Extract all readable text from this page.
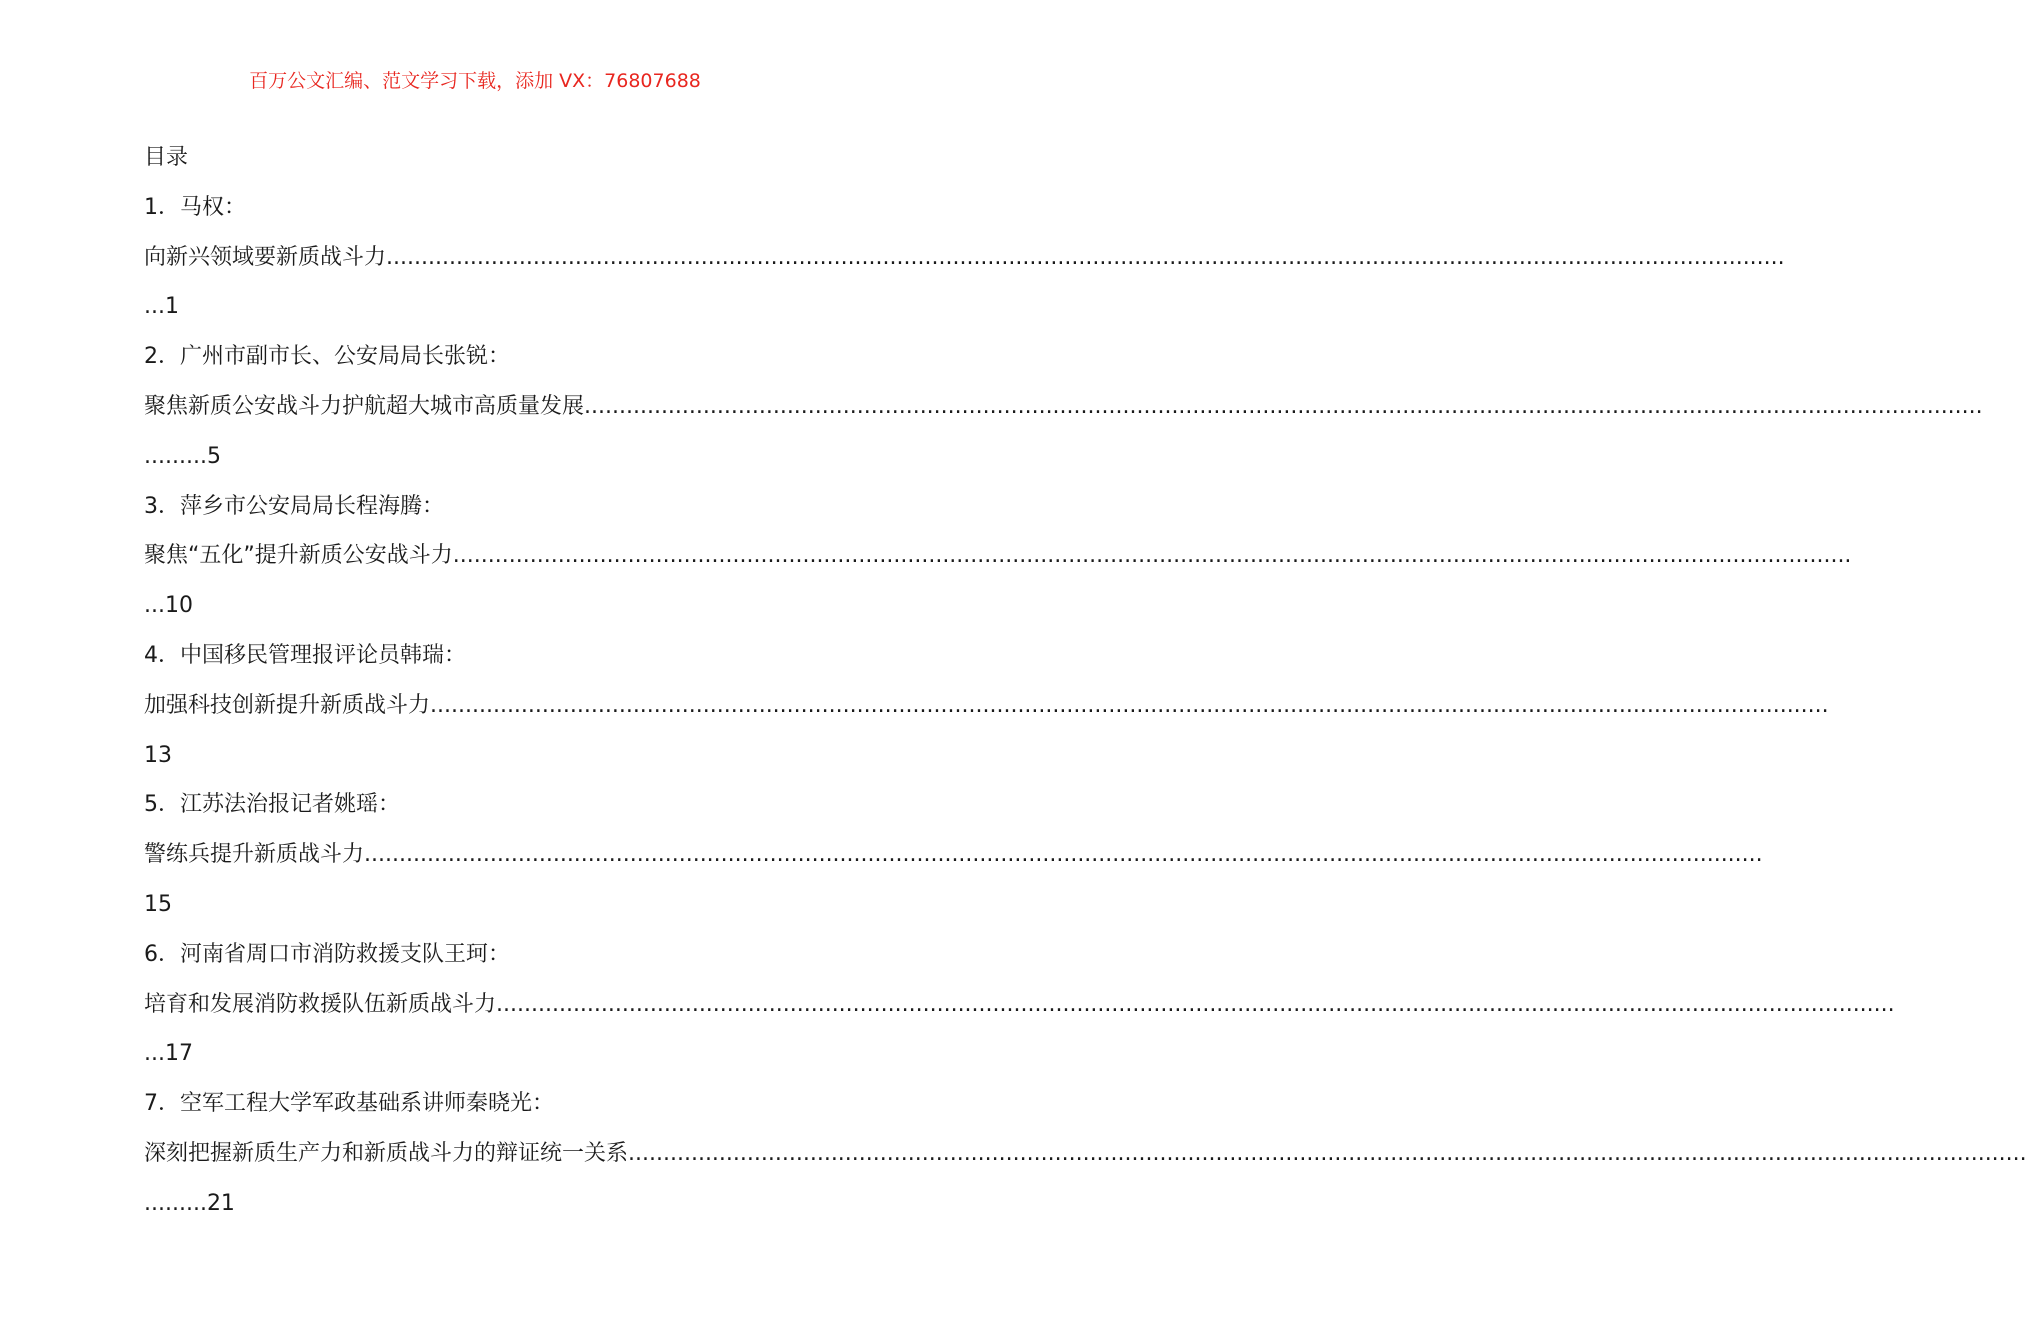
百万公文汇编、范文学习下载，添加 VX：76807688
目录
1．马权：
向新兴领域要新质战斗力 ........................................................................................................................................................................................................
...1
2．广州市副市长、公安局局长张锐：
聚焦新质公安战斗力护航超大城市高质量发展 ........................................................................................................................................................................................................
.........5
3．萍乡市公安局局长程海腾：
聚焦“五化”提升新质公安战斗力 ........................................................................................................................................................................................................
...10
4．中国移民管理报评论员韩瑞：
加强科技创新提升新质战斗力 ........................................................................................................................................................................................................
13
5．江苏法治报记者姚瑶：
警练兵提升新质战斗力 ........................................................................................................................................................................................................
15
6．河南省周口市消防救援支队王珂：
培育和发展消防救援队伍新质战斗力 ........................................................................................................................................................................................................
...17
7．空军工程大学军政基础系讲师秦晓光：
深刻把握新质生产力和新质战斗力的辩证统一关系 ........................................................................................................................................................................................................
.........21
